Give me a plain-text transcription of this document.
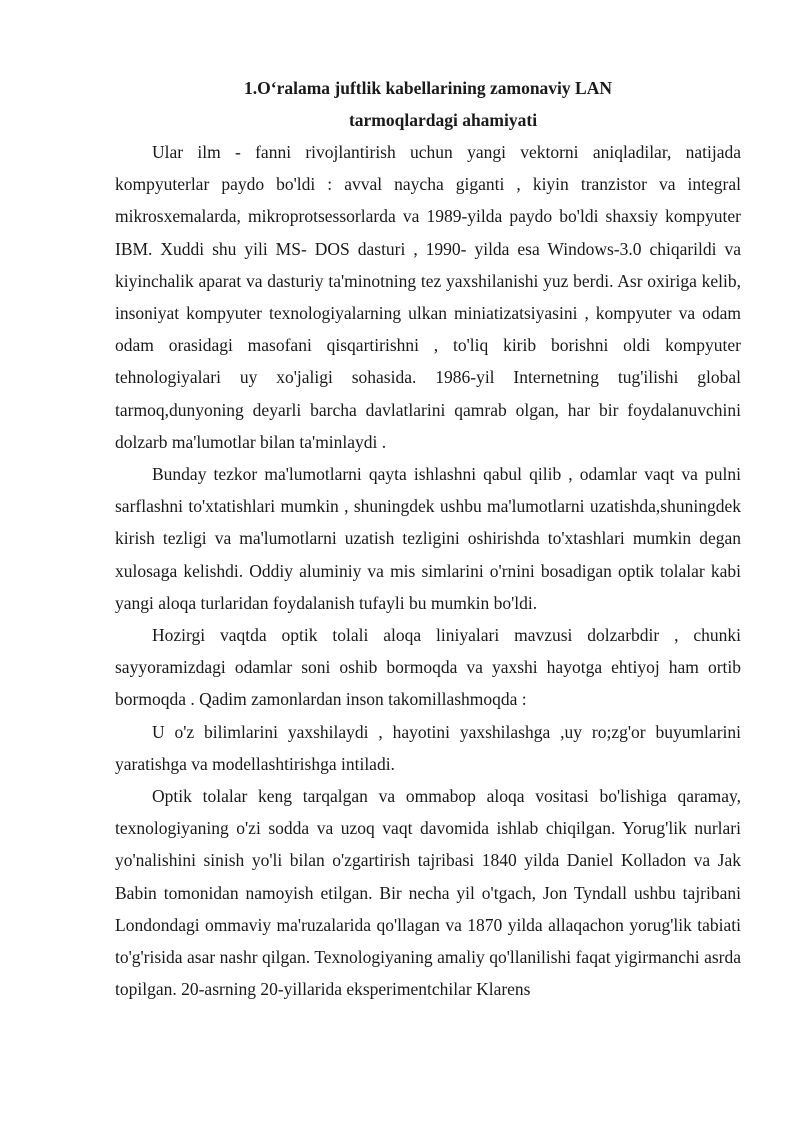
1.O‘ralama juftlik kabellarining zamonaviy LAN

tarmoqlardagi ahamiyati

Ular ilm - fanni rivojlantirish uchun yangi vektorni aniqladilar, natijada kompyuterlar paydo bo'ldi : avval naycha giganti , kiyin tranzistor va integral mikrosxemalarda, mikroprotsessorlarda va 1989-yilda paydo bo'ldi shaxsiy kompyuter IBM. Xuddi shu yili MS- DOS dasturi , 1990- yilda esa Windows-3.0 chiqarildi va kiyinchalik aparat va dasturiy ta'minotning tez yaxshilanishi yuz berdi. Asr oxiriga kelib, insoniyat kompyuter texnologiyalarning ulkan miniatizatsiyasini , kompyuter va odam odam orasidagi masofani qisqartirishni , to'liq kirib borishni oldi kompyuter tehnologiyalari uy xo'jaligi sohasida. 1986-yil Internetning tug'ilishi global tarmoq,dunyoning deyarli barcha davlatlarini qamrab olgan, har bir foydalanuvchini dolzarb ma'lumotlar bilan ta'minlaydi .

Bunday tezkor ma'lumotlarni qayta ishlashni qabul qilib , odamlar vaqt va pulni sarflashni to'xtatishlari mumkin , shuningdek ushbu ma'lumotlarni uzatishda,shuningdek kirish tezligi va ma'lumotlarni uzatish tezligini oshirishda to'xtashlari mumkin degan xulosaga kelishdi. Oddiy aluminiy va mis simlarini o'rnini bosadigan optik tolalar kabi yangi aloqa turlaridan foydalanish tufayli bu mumkin bo'ldi.

Hozirgi vaqtda optik tolali aloqa liniyalari mavzusi dolzarbdir , chunki sayyoramizdagi odamlar soni oshib bormoqda va yaxshi hayotga ehtiyoj ham ortib bormoqda . Qadim zamonlardan inson takomillashmoqda :

U o'z bilimlarini yaxshilaydi , hayotini yaxshilashga ,uy ro;zg'or buyumlarini yaratishga va modellashtirishga intiladi.

Optik tolalar keng tarqalgan va ommabop aloqa vositasi bo'lishiga qaramay, texnologiyaning o'zi sodda va uzoq vaqt davomida ishlab chiqilgan. Yorug'lik nurlari yo'nalishini sinish yo'li bilan o'zgartirish tajribasi 1840 yilda Daniel Kolladon va Jak Babin tomonidan namoyish etilgan. Bir necha yil o'tgach, Jon Tyndall ushbu tajribani Londondagi ommaviy ma'ruzalarida qo'llagan va 1870 yilda allaqachon yorug'lik tabiati to'g'risida asar nashr qilgan. Texnologiyaning amaliy qo'llanilishi faqat yigirmanchi asrda topilgan. 20-asrning 20-yillarida eksperimentchilar Klarens
